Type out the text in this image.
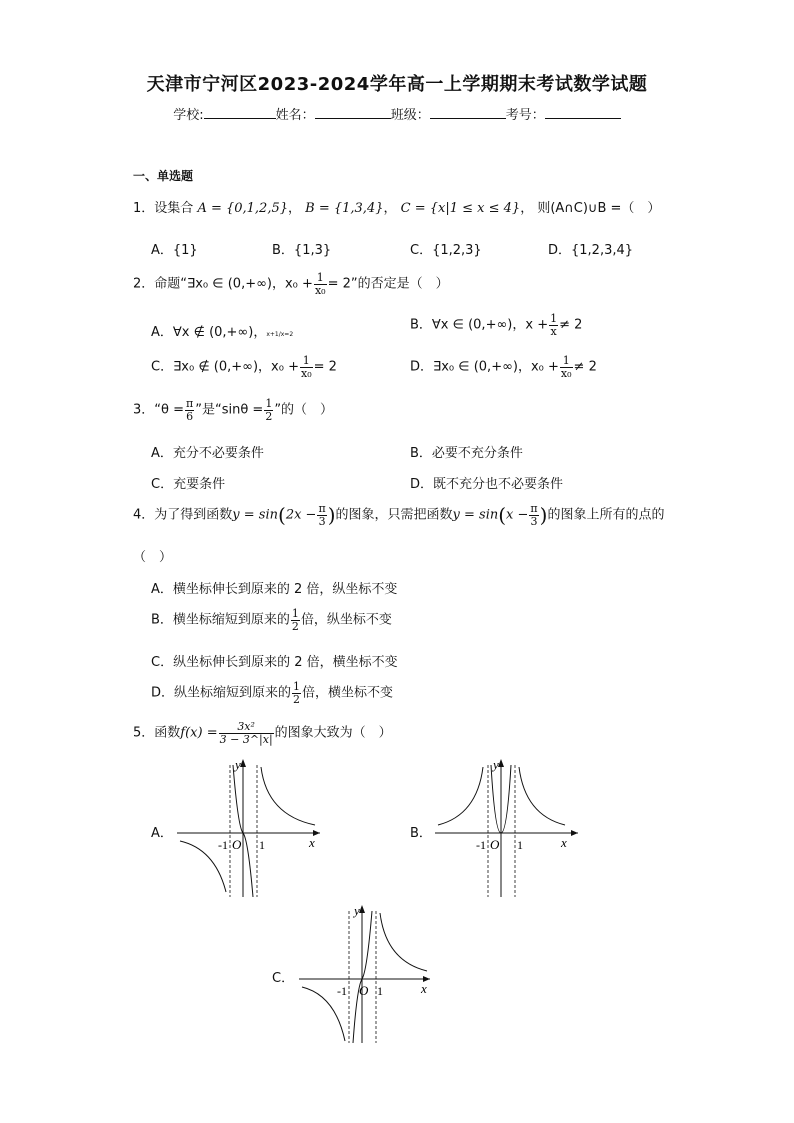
天津市宁河区2023-2024学年高一上学期期末考试数学试题
学校:	姓名：	班级：	考号：
一、单选题
1．设集合 A = {0,1,2,5}， B = {1,3,4}， C = {x|1 ≤ x ≤ 4}， 则(A∩C)∪B =（　）
A．{1}	B．{1,3}	C．{1,2,3}	D．{1,2,3,4}
2．命题“∃x₀ ∈ (0,+∞)，$x_0 + \frac{1}{\text{x₀}} = 2$”的否定是（　）
A．∀x ∉ (0,+∞)，x+1/x=2
B．∀x ∈ (0,+∞)，$x + \frac{1}{x} \ne 2$
C．∃x₀ ∉ (0,+∞)，$x_0 + \frac{1}{\text{x₀}} = 2$	D．∃x₀ ∈ (0,+∞)，$x_0 + \frac{1}{\text{x₀}} \ne 2$
3．“$\theta = \frac{\pi}{6}$ ”是“$\sin\theta = \frac{1}{2}$ ”的（　）
A．充分不必要条件	B．必要不充分条件
C．充要条件	D．既不充分也不必要条件
4．为了得到函数$y = \sin(2x - \frac{\pi}{3}$ )的图象，只需把函数$y = \sin(x - \frac{\pi}{3}$ )的图象上所有的点的
（　）
A．横坐标伸长到原来的 2 倍，纵坐标不变
B．横坐标缩短到原来的 $\frac{1}{2}$ 倍，纵坐标不变
C．纵坐标伸长到原来的 2 倍，横坐标不变
D．纵坐标缩短到原来的 $\frac{1}{2}$ 倍，横坐标不变
5．函数$f(x) = \frac{\text{3x²}}{3 - 3\^{}|x|}$ 的图象大致为（　）
A．
y
x
-1 O 1
B．
y
x
-1 O 1
C．
y
x
-1 O 1
